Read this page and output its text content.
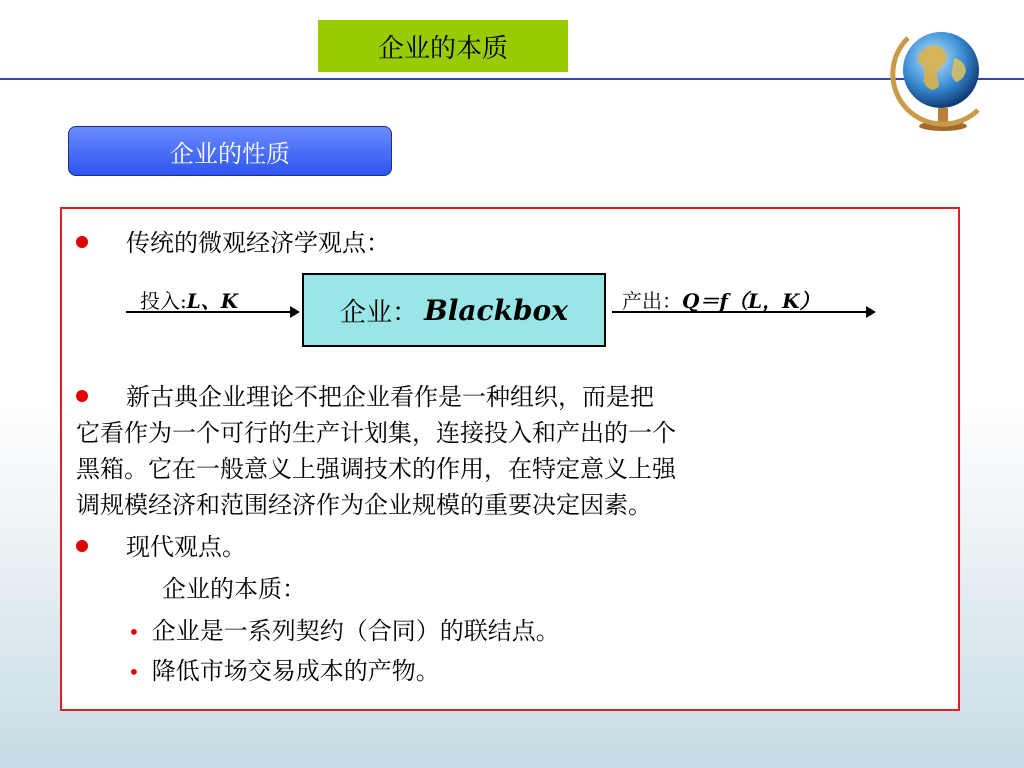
企业的本质
企业的性质
传统的微观经济学观点：
投入:L、K	企业： Blackbox	产出：Q＝f（L，K）
新古典企业理论不把企业看作是一种组织，而是把
它看作为一个可行的生产计划集，连接投入和产出的一个
黑箱。它在一般意义上强调技术的作用，在特定意义上强
调规模经济和范围经济作为企业规模的重要决定因素。
现代观点。
企业的本质：
• 企业是一系列契约（合同）的联结点。
• 降低市场交易成本的产物。
